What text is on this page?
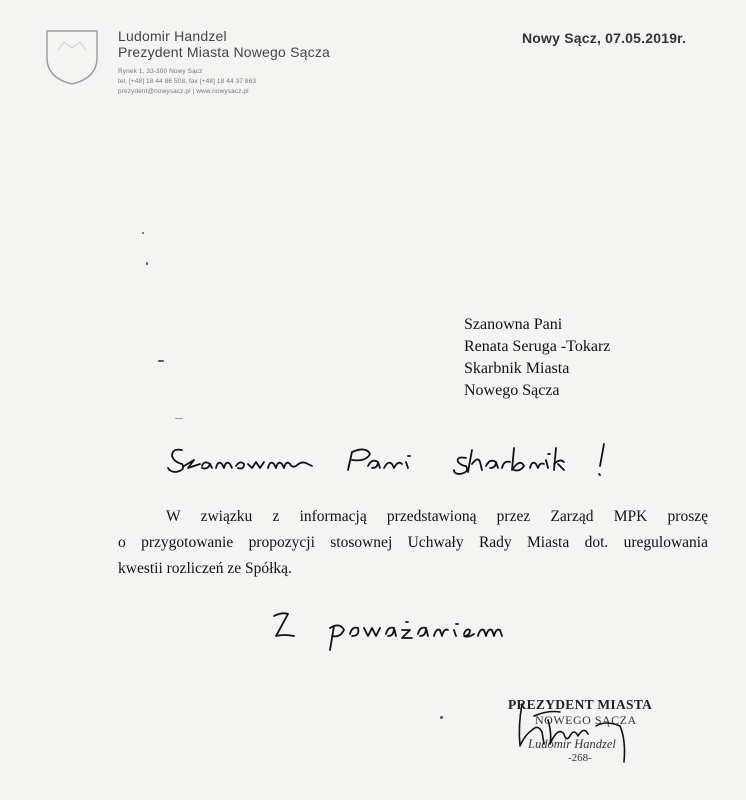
Ludomir Handzel
Prezydent Miasta Nowego Sącza
Rynek 1, 33-300 Nowy Sącz
tel. [+48] 18 44 86 508, fax [+48] 18 44 37 863
prezydent@nowysacz.pl | www.nowysacz.pl
Nowy Sącz, 07.05.2019r.
Szanowna Pani
Renata Seruga -Tokarz
Skarbnik Miasta
Nowego Sącza
W związku z informacją przedstawioną przez Zarząd MPK proszę
o przygotowanie propozycji stosownej Uchwały Rady Miasta dot. uregulowania
kwestii rozliczeń ze Spółką.
PREZYDENT MIASTA
NOWEGO SĄCZA
Ludomir Handzel
-268-
